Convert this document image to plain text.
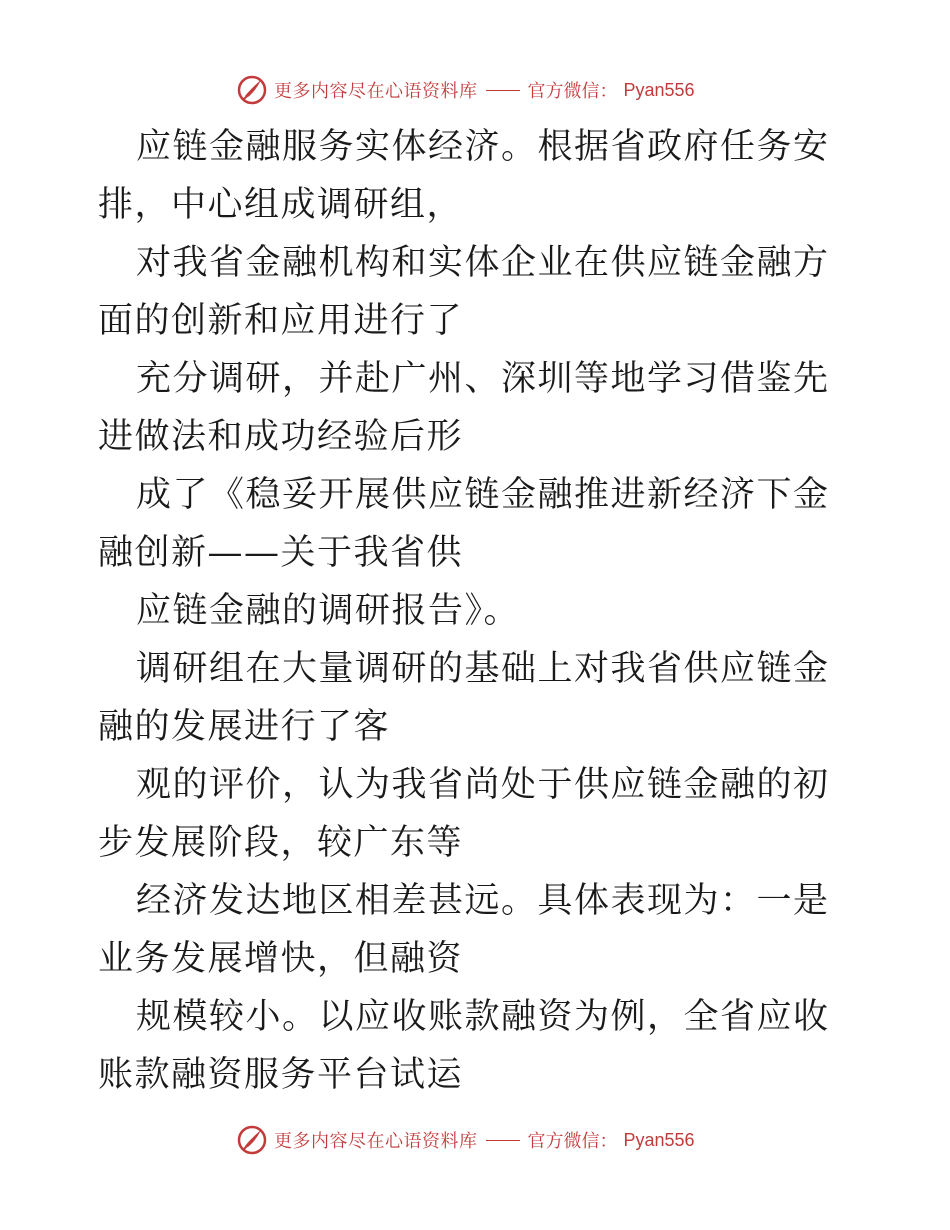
更多内容尽在心语资料库	官方微信： Pyan556

应链金融服务实体经济。根据省政府任务安排，中心组成调研组，

对我省金融机构和实体企业在供应链金融方面的创新和应用进行了

充分调研，并赴广州、深圳等地学习借鉴先进做法和成功经验后形

成了《稳妥开展供应链金融推进新经济下金融创新——关于我省供

应链金融的调研报告》。

调研组在大量调研的基础上对我省供应链金融的发展进行了客

观的评价，认为我省尚处于供应链金融的初步发展阶段，较广东等

经济发达地区相差甚远。具体表现为：一是业务发展增快，但融资

规模较小。以应收账款融资为例，全省应收账款融资服务平台试运

更多内容尽在心语资料库	官方微信： Pyan556
